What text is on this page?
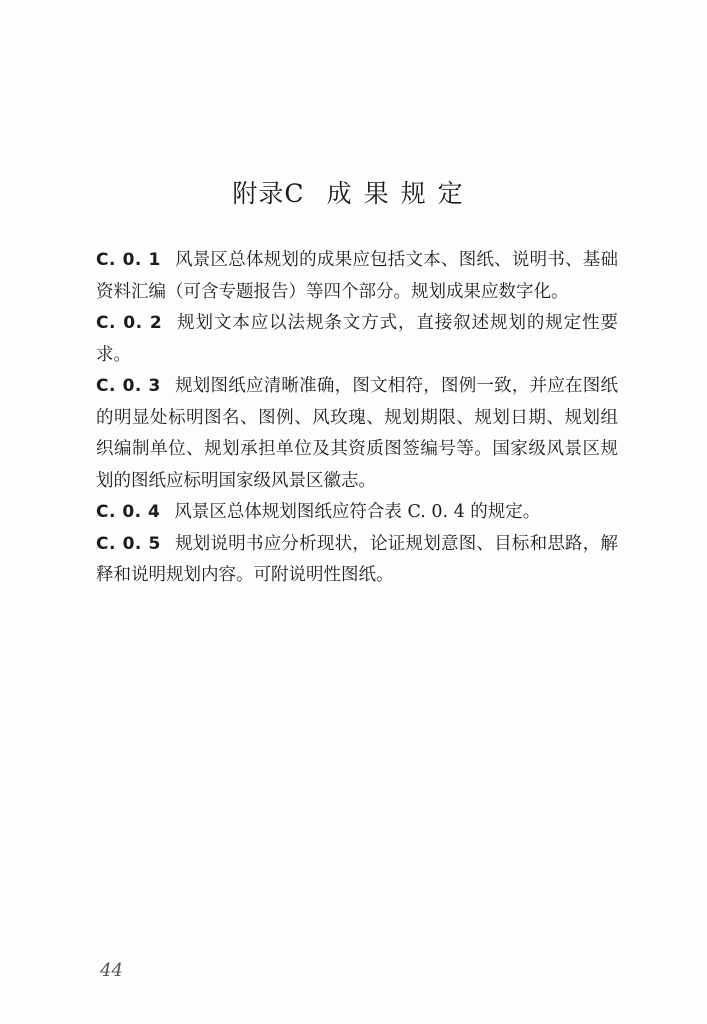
附录C 成果规定

C. 0. 1 风景区总体规划的成果应包括文本、图纸、说明书、基础资料汇编（可含专题报告）等四个部分。规划成果应数字化。

C. 0. 2 规划文本应以法规条文方式，直接叙述规划的规定性要求。

C. 0. 3 规划图纸应清晰准确，图文相符，图例一致，并应在图纸的明显处标明图名、图例、风玫瑰、规划期限、规划日期、规划组织编制单位、规划承担单位及其资质图签编号等。国家级风景区规划的图纸应标明国家级风景区徽志。

C. 0. 4 风景区总体规划图纸应符合表 C. 0. 4 的规定。

C. 0. 5 规划说明书应分析现状，论证规划意图、目标和思路，解释和说明规划内容。可附说明性图纸。

44
